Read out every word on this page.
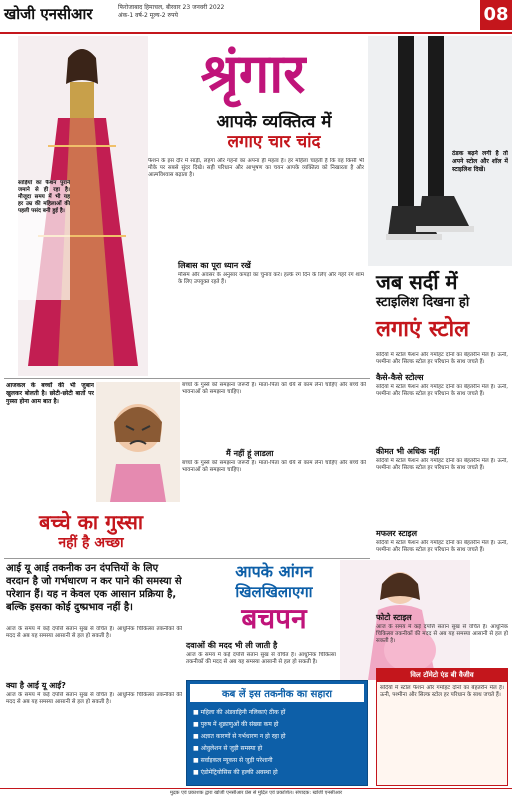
खोजी एनसीआर	फिरोजाबाद हिमाचल, बीरवार 23 जनवरी 2022
अंक-1 वर्ष-2 मूल्य-2 रुपये	08
साड़ियों का फैशन पुराने जमाने से ही रहा है। मौजूदा समय में भी यह हर उम्र की महिलाओं की पहली पसंद बनी हुई है।
श्रृंगार
आपके व्यक्तित्व में
लगाए चार चांद
फैशन के इस दौर में साड़ी, लहंगा और गहनों का अपना ही महत्व है। हर महिला चाहती है कि वह किसी भी मौके पर सबसे सुंदर दिखे। सही परिधान और आभूषण का चयन आपके व्यक्तित्व को निखारता है और आत्मविश्वास बढ़ाता है।
लिबास का पूरा ध्यान रखें
मौसम और अवसर के अनुसार कपड़ों का चुनाव करें। हल्के रंग दिन के लिए और गहरे रंग शाम के लिए उपयुक्त रहते हैं।
ठंडक बढ़ने लगी है तो अपने स्टोल और शॉल में स्टाइलिश दिखें।
जब सर्दी में
स्टाइलिश दिखना हो
लगाएं स्टोल
सर्दियों में स्टोल फैशन और गर्माहट दोनों का बेहतरीन मेल है। ऊनी, पश्मीना और सिल्क स्टोल हर परिधान के साथ जचते हैं।
कैसे-कैसे स्टोल्स
सर्दियों में स्टोल फैशन और गर्माहट दोनों का बेहतरीन मेल है। ऊनी, पश्मीना और सिल्क स्टोल हर परिधान के साथ जचते हैं।
कीमत भी अधिक नहीं
सर्दियों में स्टोल फैशन और गर्माहट दोनों का बेहतरीन मेल है। ऊनी, पश्मीना और सिल्क स्टोल हर परिधान के साथ जचते हैं।
मफलर स्टाइल
सर्दियों में स्टोल फैशन और गर्माहट दोनों का बेहतरीन मेल है। ऊनी, पश्मीना और सिल्क स्टोल हर परिधान के साथ जचते हैं।
आजकल के बच्चों की भी जुबान खुलकर बोलती है। छोटी-छोटी बातों पर गुस्सा होना आम बात है।
बच्चे का गुस्सा
नहीं है अच्छा
बच्चों के गुस्से को समझना जरूरी है। माता-पिता को धैर्य से काम लेना चाहिए और बच्चे की भावनाओं को समझना चाहिए।
मैं नहीं हूं लाडला
बच्चों के गुस्से को समझना जरूरी है। माता-पिता को धैर्य से काम लेना चाहिए और बच्चे की भावनाओं को समझना चाहिए।
आई यू आई तकनीक उन दंपत्तियों के लिए वरदान है जो गर्भधारण न कर पाने की समस्या से परेशान हैं। यह न केवल एक आसान प्रक्रिया है, बल्कि इसका कोई दुष्प्रभाव नहीं है।
आज के समय में कई दंपत्ति संतान सुख से वंचित हैं। आधुनिक चिकित्सा तकनीकों की मदद से अब यह समस्या आसानी से हल हो सकती है।
क्या है आई यू आई?
आज के समय में कई दंपत्ति संतान सुख से वंचित हैं। आधुनिक चिकित्सा तकनीकों की मदद से अब यह समस्या आसानी से हल हो सकती है।
आपके आंगन
खिलखिलाएगा
बचपन
दवाओं की मदद भी ली जाती है
आज के समय में कई दंपत्ति संतान सुख से वंचित हैं। आधुनिक चिकित्सा तकनीकों की मदद से अब यह समस्या आसानी से हल हो सकती है।
कब लें इस तकनीक का सहारा
■ महिला की अंडवाहिनी नलिकाएं ठीक हों
■ पुरुष में शुक्राणुओं की संख्या कम हो
■ अज्ञात कारणों से गर्भधारण न हो रहा हो
■ ओवुलेशन से जुड़ी समस्या हो
■ सर्वाइकल म्यूकस से जुड़ी परेशानी
■ एंडोमेट्रियोसिस की हल्की अवस्था हो
फोटो स्टाइल
आज के समय में कई दंपत्ति संतान सुख से वंचित हैं। आधुनिक चिकित्सा तकनीकों की मदद से अब यह समस्या आसानी से हल हो सकती है।
विल टॉमेटो एंड बी वैजीव
सर्दियों में स्टोल फैशन और गर्माहट दोनों का बेहतरीन मेल है। ऊनी, पश्मीना और सिल्क स्टोल हर परिधान के साथ जचते हैं।
मुद्रक एवं प्रकाशक द्वारा खोजी एनसीआर प्रेस से मुद्रित एवं प्रकाशित। संपादक: खोजी एनसीआर
